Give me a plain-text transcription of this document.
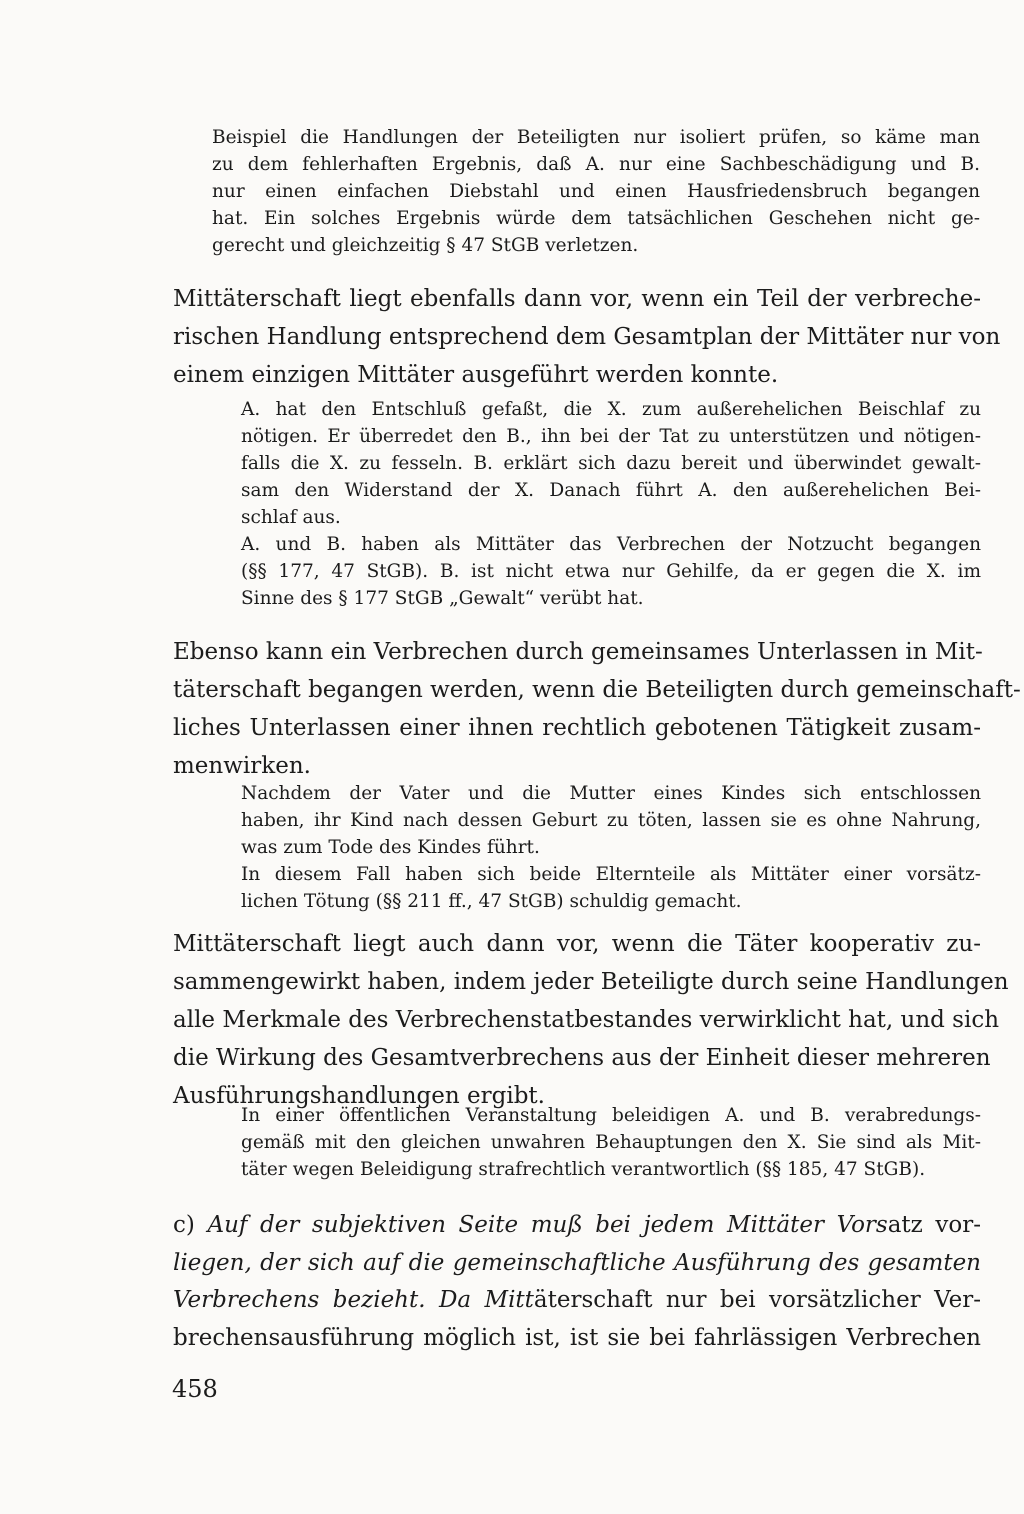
Beispiel die Handlungen der Beteiligten nur isoliert prüfen, so käme man
zu dem fehlerhaften Ergebnis, daß A. nur eine Sachbeschädigung und B.
nur einen einfachen Diebstahl und einen Hausfriedensbruch begangen
hat. Ein solches Ergebnis würde dem tatsächlichen Geschehen nicht ge-
gerecht und gleichzeitig § 47 StGB verletzen.
Mittäterschaft liegt ebenfalls dann vor, wenn ein Teil der verbreche-
rischen Handlung entsprechend dem Gesamtplan der Mittäter nur von
einem einzigen Mittäter ausgeführt werden konnte.
A. hat den Entschluß gefaßt, die X. zum außerehelichen Beischlaf zu
nötigen. Er überredet den B., ihn bei der Tat zu unterstützen und nötigen-
falls die X. zu fesseln. B. erklärt sich dazu bereit und überwindet gewalt-
sam den Widerstand der X. Danach führt A. den außerehelichen Bei-
schlaf aus.
A. und B. haben als Mittäter das Verbrechen der Notzucht begangen
(§§ 177, 47 StGB). B. ist nicht etwa nur Gehilfe, da er gegen die X. im
Sinne des § 177 StGB „Gewalt“ verübt hat.
Ebenso kann ein Verbrechen durch gemeinsames Unterlassen in Mit-
täterschaft begangen werden, wenn die Beteiligten durch gemeinschaft-
liches Unterlassen einer ihnen rechtlich gebotenen Tätigkeit zusam-
menwirken.
Nachdem der Vater und die Mutter eines Kindes sich entschlossen
haben, ihr Kind nach dessen Geburt zu töten, lassen sie es ohne Nahrung,
was zum Tode des Kindes führt.
In diesem Fall haben sich beide Elternteile als Mittäter einer vorsätz-
lichen Tötung (§§ 211 ff., 47 StGB) schuldig gemacht.
Mittäterschaft liegt auch dann vor, wenn die Täter kooperativ zu-
sammengewirkt haben, indem jeder Beteiligte durch seine Handlungen
alle Merkmale des Verbrechenstatbestandes verwirklicht hat, und sich
die Wirkung des Gesamtverbrechens aus der Einheit dieser mehreren
Ausführungshandlungen ergibt.
In einer öffentlichen Veranstaltung beleidigen A. und B. verabredungs-
gemäß mit den gleichen unwahren Behauptungen den X. Sie sind als Mit-
täter wegen Beleidigung strafrechtlich verantwortlich (§§ 185, 47 StGB).
c) Auf der subjektiven Seite muß bei jedem Mittäter Vorsatz vor-
liegen, der sich auf die gemeinschaftliche Ausführung des gesamten
Verbrechens bezieht. Da Mittäterschaft nur bei vorsätzlicher Ver-
brechensausführung möglich ist, ist sie bei fahrlässigen Verbrechen
458
